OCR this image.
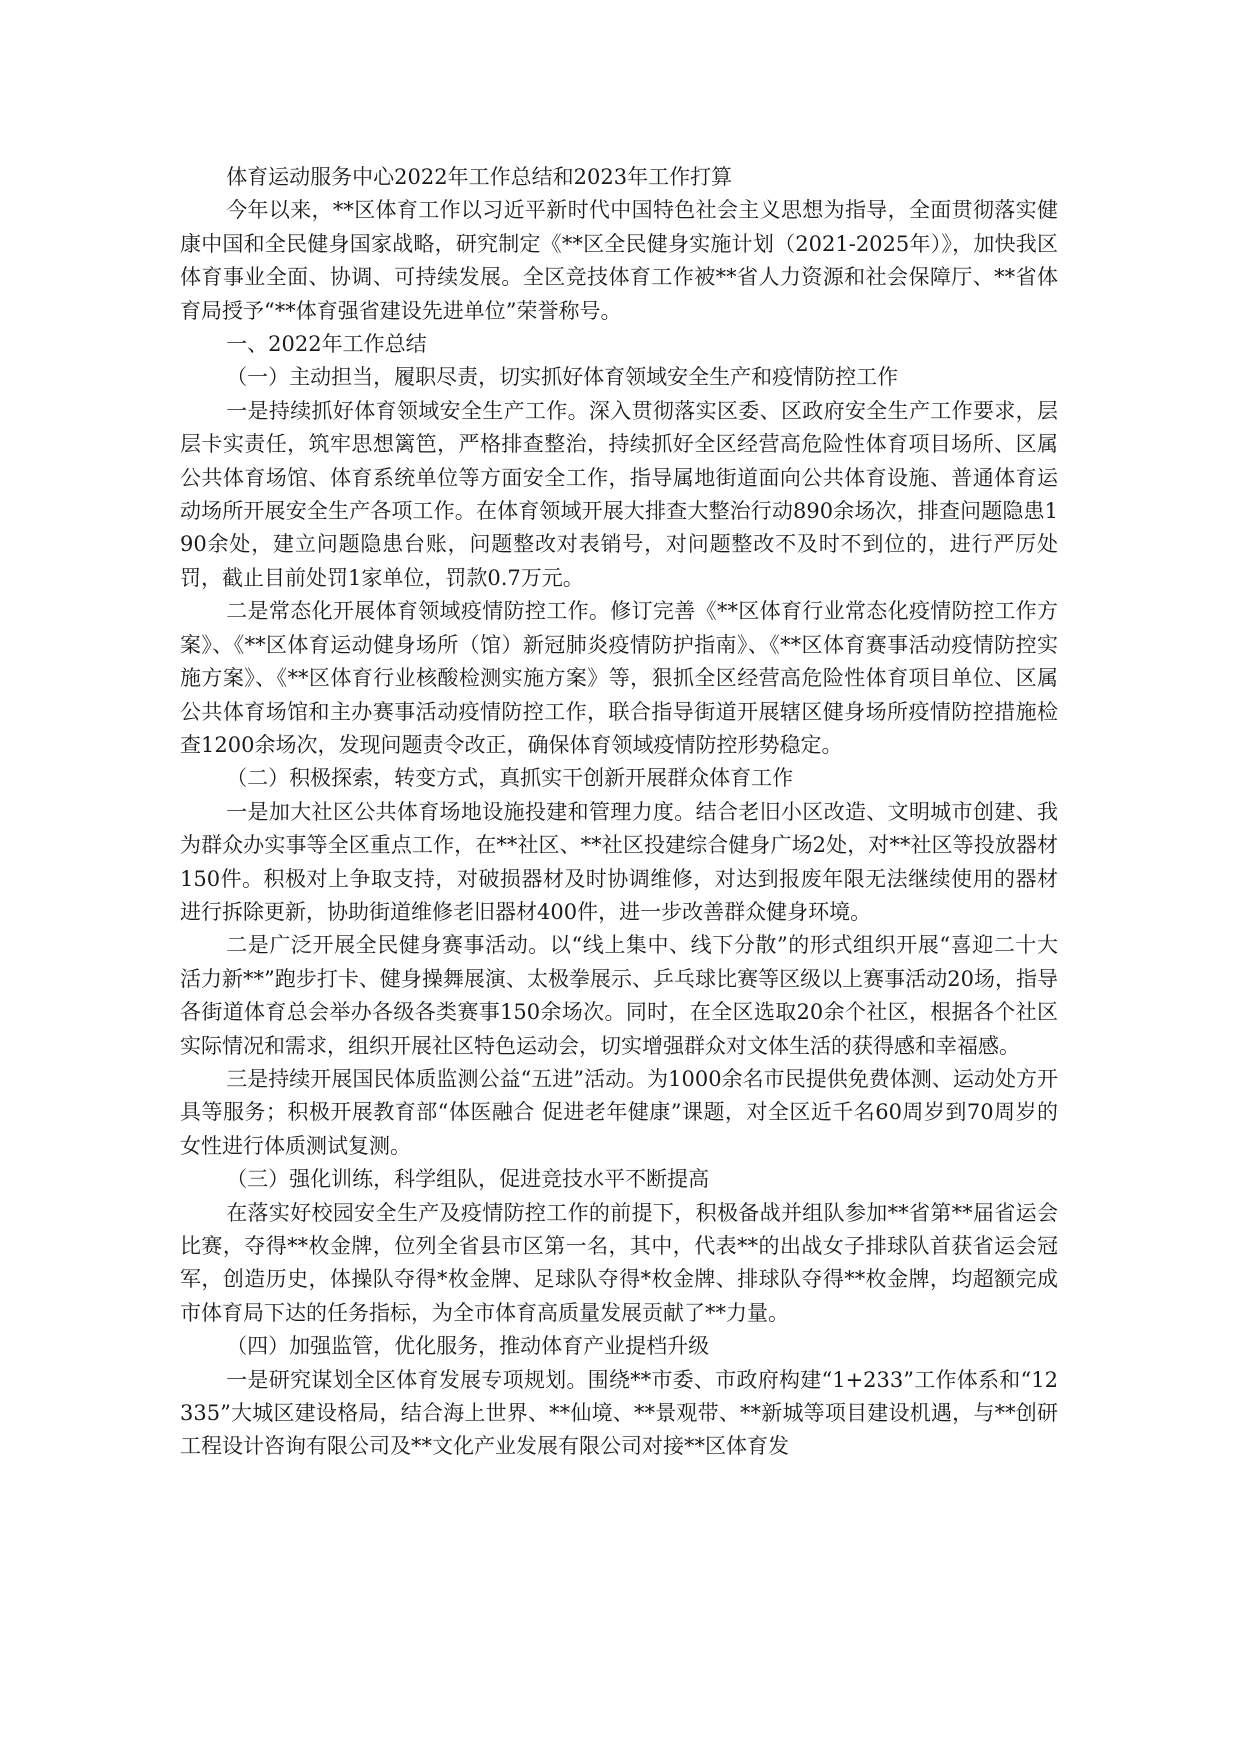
体育运动服务中心2022年工作总结和2023年工作打算

今年以来，**区体育工作以习近平新时代中国特色社会主义思想为指导，全面贯彻落实健康中国和全民健身国家战略，研究制定《**区全民健身实施计划（2021-2025年）》，加快我区体育事业全面、协调、可持续发展。全区竞技体育工作被**省人力资源和社会保障厅、**省体育局授予“**体育强省建设先进单位”荣誉称号。

一、2022年工作总结

（一）主动担当，履职尽责，切实抓好体育领域安全生产和疫情防控工作

一是持续抓好体育领域安全生产工作。深入贯彻落实区委、区政府安全生产工作要求，层层卡实责任，筑牢思想篱笆，严格排查整治，持续抓好全区经营高危险性体育项目场所、区属公共体育场馆、体育系统单位等方面安全工作，指导属地街道面向公共体育设施、普通体育运动场所开展安全生产各项工作。在体育领域开展大排查大整治行动890余场次，排查问题隐患190余处，建立问题隐患台账，问题整改对表销号，对问题整改不及时不到位的，进行严厉处罚，截止目前处罚1家单位，罚款0.7万元。

二是常态化开展体育领域疫情防控工作。修订完善《**区体育行业常态化疫情防控工作方案》、《**区体育运动健身场所（馆）新冠肺炎疫情防护指南》、《**区体育赛事活动疫情防控实施方案》、《**区体育行业核酸检测实施方案》等，狠抓全区经营高危险性体育项目单位、区属公共体育场馆和主办赛事活动疫情防控工作，联合指导街道开展辖区健身场所疫情防控措施检查1200余场次，发现问题责令改正，确保体育领域疫情防控形势稳定。

（二）积极探索，转变方式，真抓实干创新开展群众体育工作

一是加大社区公共体育场地设施投建和管理力度。结合老旧小区改造、文明城市创建、我为群众办实事等全区重点工作，在**社区、**社区投建综合健身广场2处，对**社区等投放器材150件。积极对上争取支持，对破损器材及时协调维修，对达到报废年限无法继续使用的器材进行拆除更新，协助街道维修老旧器材400件，进一步改善群众健身环境。

二是广泛开展全民健身赛事活动。以“线上集中、线下分散”的形式组织开展“喜迎二十大 活力新**”跑步打卡、健身操舞展演、太极拳展示、乒乓球比赛等区级以上赛事活动20场，指导各街道体育总会举办各级各类赛事150余场次。同时，在全区选取20余个社区，根据各个社区实际情况和需求，组织开展社区特色运动会，切实增强群众对文体生活的获得感和幸福感。

三是持续开展国民体质监测公益“五进”活动。为1000余名市民提供免费体测、运动处方开具等服务；积极开展教育部“体医融合 促进老年健康”课题，对全区近千名60周岁到70周岁的女性进行体质测试复测。

（三）强化训练，科学组队，促进竞技水平不断提高

在落实好校园安全生产及疫情防控工作的前提下，积极备战并组队参加**省第**届省运会比赛，夺得**枚金牌，位列全省县市区第一名，其中，代表**的出战女子排球队首获省运会冠军，创造历史，体操队夺得*枚金牌、足球队夺得*枚金牌、排球队夺得**枚金牌，均超额完成市体育局下达的任务指标，为全市体育高质量发展贡献了**力量。

（四）加强监管，优化服务，推动体育产业提档升级

一是研究谋划全区体育发展专项规划。围绕**市委、市政府构建“1+233”工作体系和“12335”大城区建设格局，结合海上世界、**仙境、**景观带、**新城等项目建设机遇，与**创研工程设计咨询有限公司及**文化产业发展有限公司对接**区体育发
